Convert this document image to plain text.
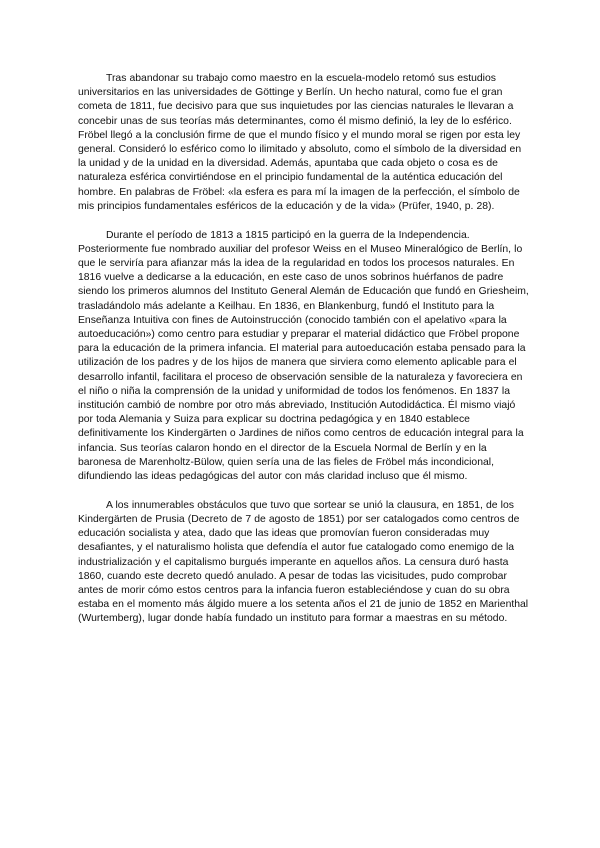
Tras abandonar su trabajo como maestro en la escuela-modelo retomó sus estudios universitarios en las universidades de Göttinge y Berlín. Un hecho natural, como fue el gran cometa de 1811, fue decisivo para que sus inquietudes por las ciencias naturales le llevaran a concebir unas de sus teorías más determinantes, como él mismo definió, la ley de lo esférico. Fröbel llegó a la conclusión firme de que el mundo físico y el mundo moral se rigen por esta ley general. Consideró lo esférico como lo ilimitado y absoluto, como el símbolo de la diversidad en la unidad y de la unidad en la diversidad. Además, apuntaba que cada objeto o cosa es de naturaleza esférica convirtiéndose en el principio fundamental de la auténtica educación del hombre. En palabras de Fröbel: «la esfera es para mí la imagen de la perfección, el símbolo de mis principios fundamentales esféricos de la educación y de la vida» (Prüfer, 1940, p. 28).

Durante el período de 1813 a 1815 participó en la guerra de la Independencia. Posteriormente fue nombrado auxiliar del profesor Weiss en el Museo Mineralógico de Berlín, lo que le serviría para afianzar más la idea de la regularidad en todos los procesos naturales. En 1816 vuelve a dedicarse a la educación, en este caso de unos sobrinos huérfanos de padre siendo los primeros alumnos del Instituto General Alemán de Educación que fundó en Griesheim, trasladándolo más adelante a Keilhau. En 1836, en Blankenburg, fundó el Instituto para la Enseñanza Intuitiva con fines de Autoinstrucción (conocido también con el apelativo «para la autoeducación») como centro para estudiar y preparar el material didáctico que Fröbel propone para la educación de la primera infancia. El material para autoeducación estaba pensado para la utilización de los padres y de los hijos de manera que sirviera como elemento aplicable para el desarrollo infantil, facilitara el proceso de observación sensible de la naturaleza y favoreciera en el niño o niña la comprensión de la unidad y uniformidad de todos los fenómenos. En 1837 la institución cambió de nombre por otro más abreviado, Institución Autodidáctica. Él mismo viajó por toda Alemania y Suiza para explicar su doctrina pedagógica y en 1840 establece definitivamente los Kindergärten o Jardines de niños como centros de educación integral para la infancia. Sus teorías calaron hondo en el director de la Escuela Normal de Berlín y en la baronesa de Marenholtz-Bülow, quien sería una de las fieles de Fröbel más incondicional, difundiendo las ideas pedagógicas del autor con más claridad incluso que él mismo.

A los innumerables obstáculos que tuvo que sortear se unió la clausura, en 1851, de los Kindergärten de Prusia (Decreto de 7 de agosto de 1851) por ser catalogados como centros de educación socialista y atea, dado que las ideas que promovían fueron consideradas muy desafiantes, y el naturalismo holista que defendía el autor fue catalogado como enemigo de la industrialización y el capitalismo burgués imperante en aquellos años. La censura duró hasta 1860, cuando este decreto quedó anulado. A pesar de todas las vicisitudes, pudo comprobar antes de morir cómo estos centros para la infancia fueron estableciéndose y cuan do su obra estaba en el momento más álgido muere a los setenta años el 21 de junio de 1852 en Marienthal (Wurtemberg), lugar donde había fundado un instituto para formar a maestras en su método.
